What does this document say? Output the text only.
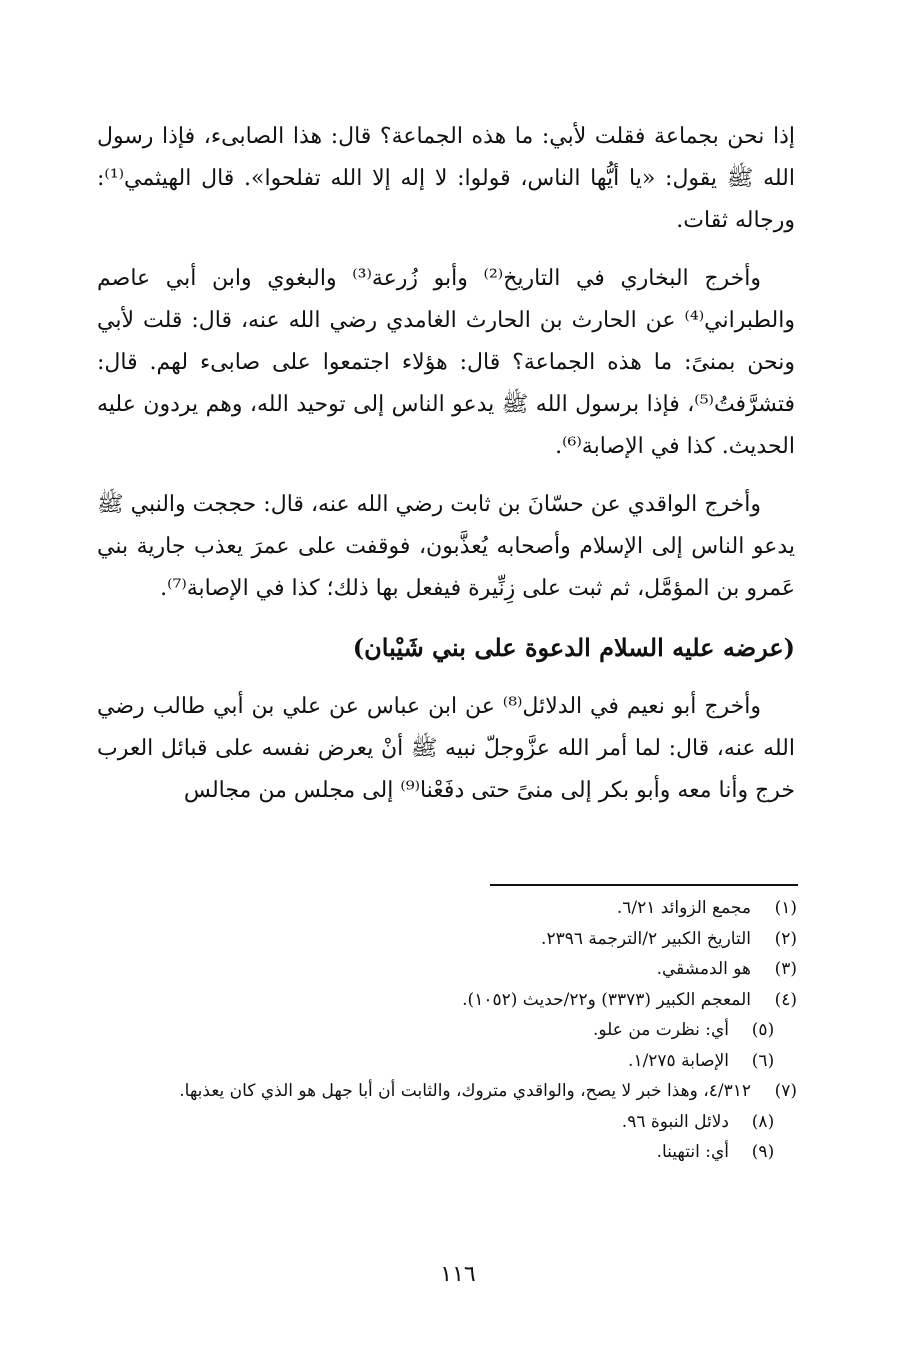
إذا نحن بجماعة فقلت لأبي: ما هذه الجماعة؟ قال: هذا الصابىء، فإذا رسول الله ﷺ يقول: «يا أيُّها الناس، قولوا: لا إله إلا الله تفلحوا». قال الهيثمي⁽¹⁾: ورجاله ثقات.

وأخرج البخاري في التاريخ⁽²⁾ وأبو زُرعة⁽³⁾ والبغوي وابن أبي عاصم والطبراني⁽⁴⁾ عن الحارث بن الحارث الغامدي رضي الله عنه، قال: قلت لأبي ونحن بمنىً: ما هذه الجماعة؟ قال: هؤلاء اجتمعوا على صابىء لهم. قال: فتشرَّفتُ⁽⁵⁾، فإذا برسول الله ﷺ يدعو الناس إلى توحيد الله، وهم يردون عليه الحديث. كذا في الإصابة⁽⁶⁾.

وأخرج الواقدي عن حسّانَ بن ثابت رضي الله عنه، قال: حججت والنبي ﷺ يدعو الناس إلى الإسلام وأصحابه يُعذَّبون، فوقفت على عمرَ يعذب جارية بني عَمرو بن المؤمَّل، ثم ثبت على زِنِّيرة فيفعل بها ذلك؛ كذا في الإصابة⁽⁷⁾.

(عرضه عليه السلام الدعوة على بني شَيْبان)

وأخرج أبو نعيم في الدلائل⁽⁸⁾ عن ابن عباس عن علي بن أبي طالب رضي الله عنه، قال: لما أمر الله عزَّوجلّ نبيه ﷺ أنْ يعرض نفسه على قبائل العرب خرج وأنا معه وأبو بكر إلى منىً حتى دفَعْنا⁽⁹⁾ إلى مجلس من مجالس

(١)
مجمع الزوائد ٦/٢١.
(٢)
التاريخ الكبير ٢/الترجمة ٢٣٩٦.
(٣)
هو الدمشقي.
(٤)
المعجم الكبير (٣٣٧٣) و٢٢/حديث (١٠٥٢).
(٥)
أي: نظرت من علو.
(٦)
الإصابة ١/٢٧٥.
(٧)
٤/٣١٢، وهذا خبر لا يصح، والواقدي متروك، والثابت أن أبا جهل هو الذي كان يعذبها.
(٨)
دلائل النبوة ٩٦.
(٩)
أي: انتهينا.
١١٦
